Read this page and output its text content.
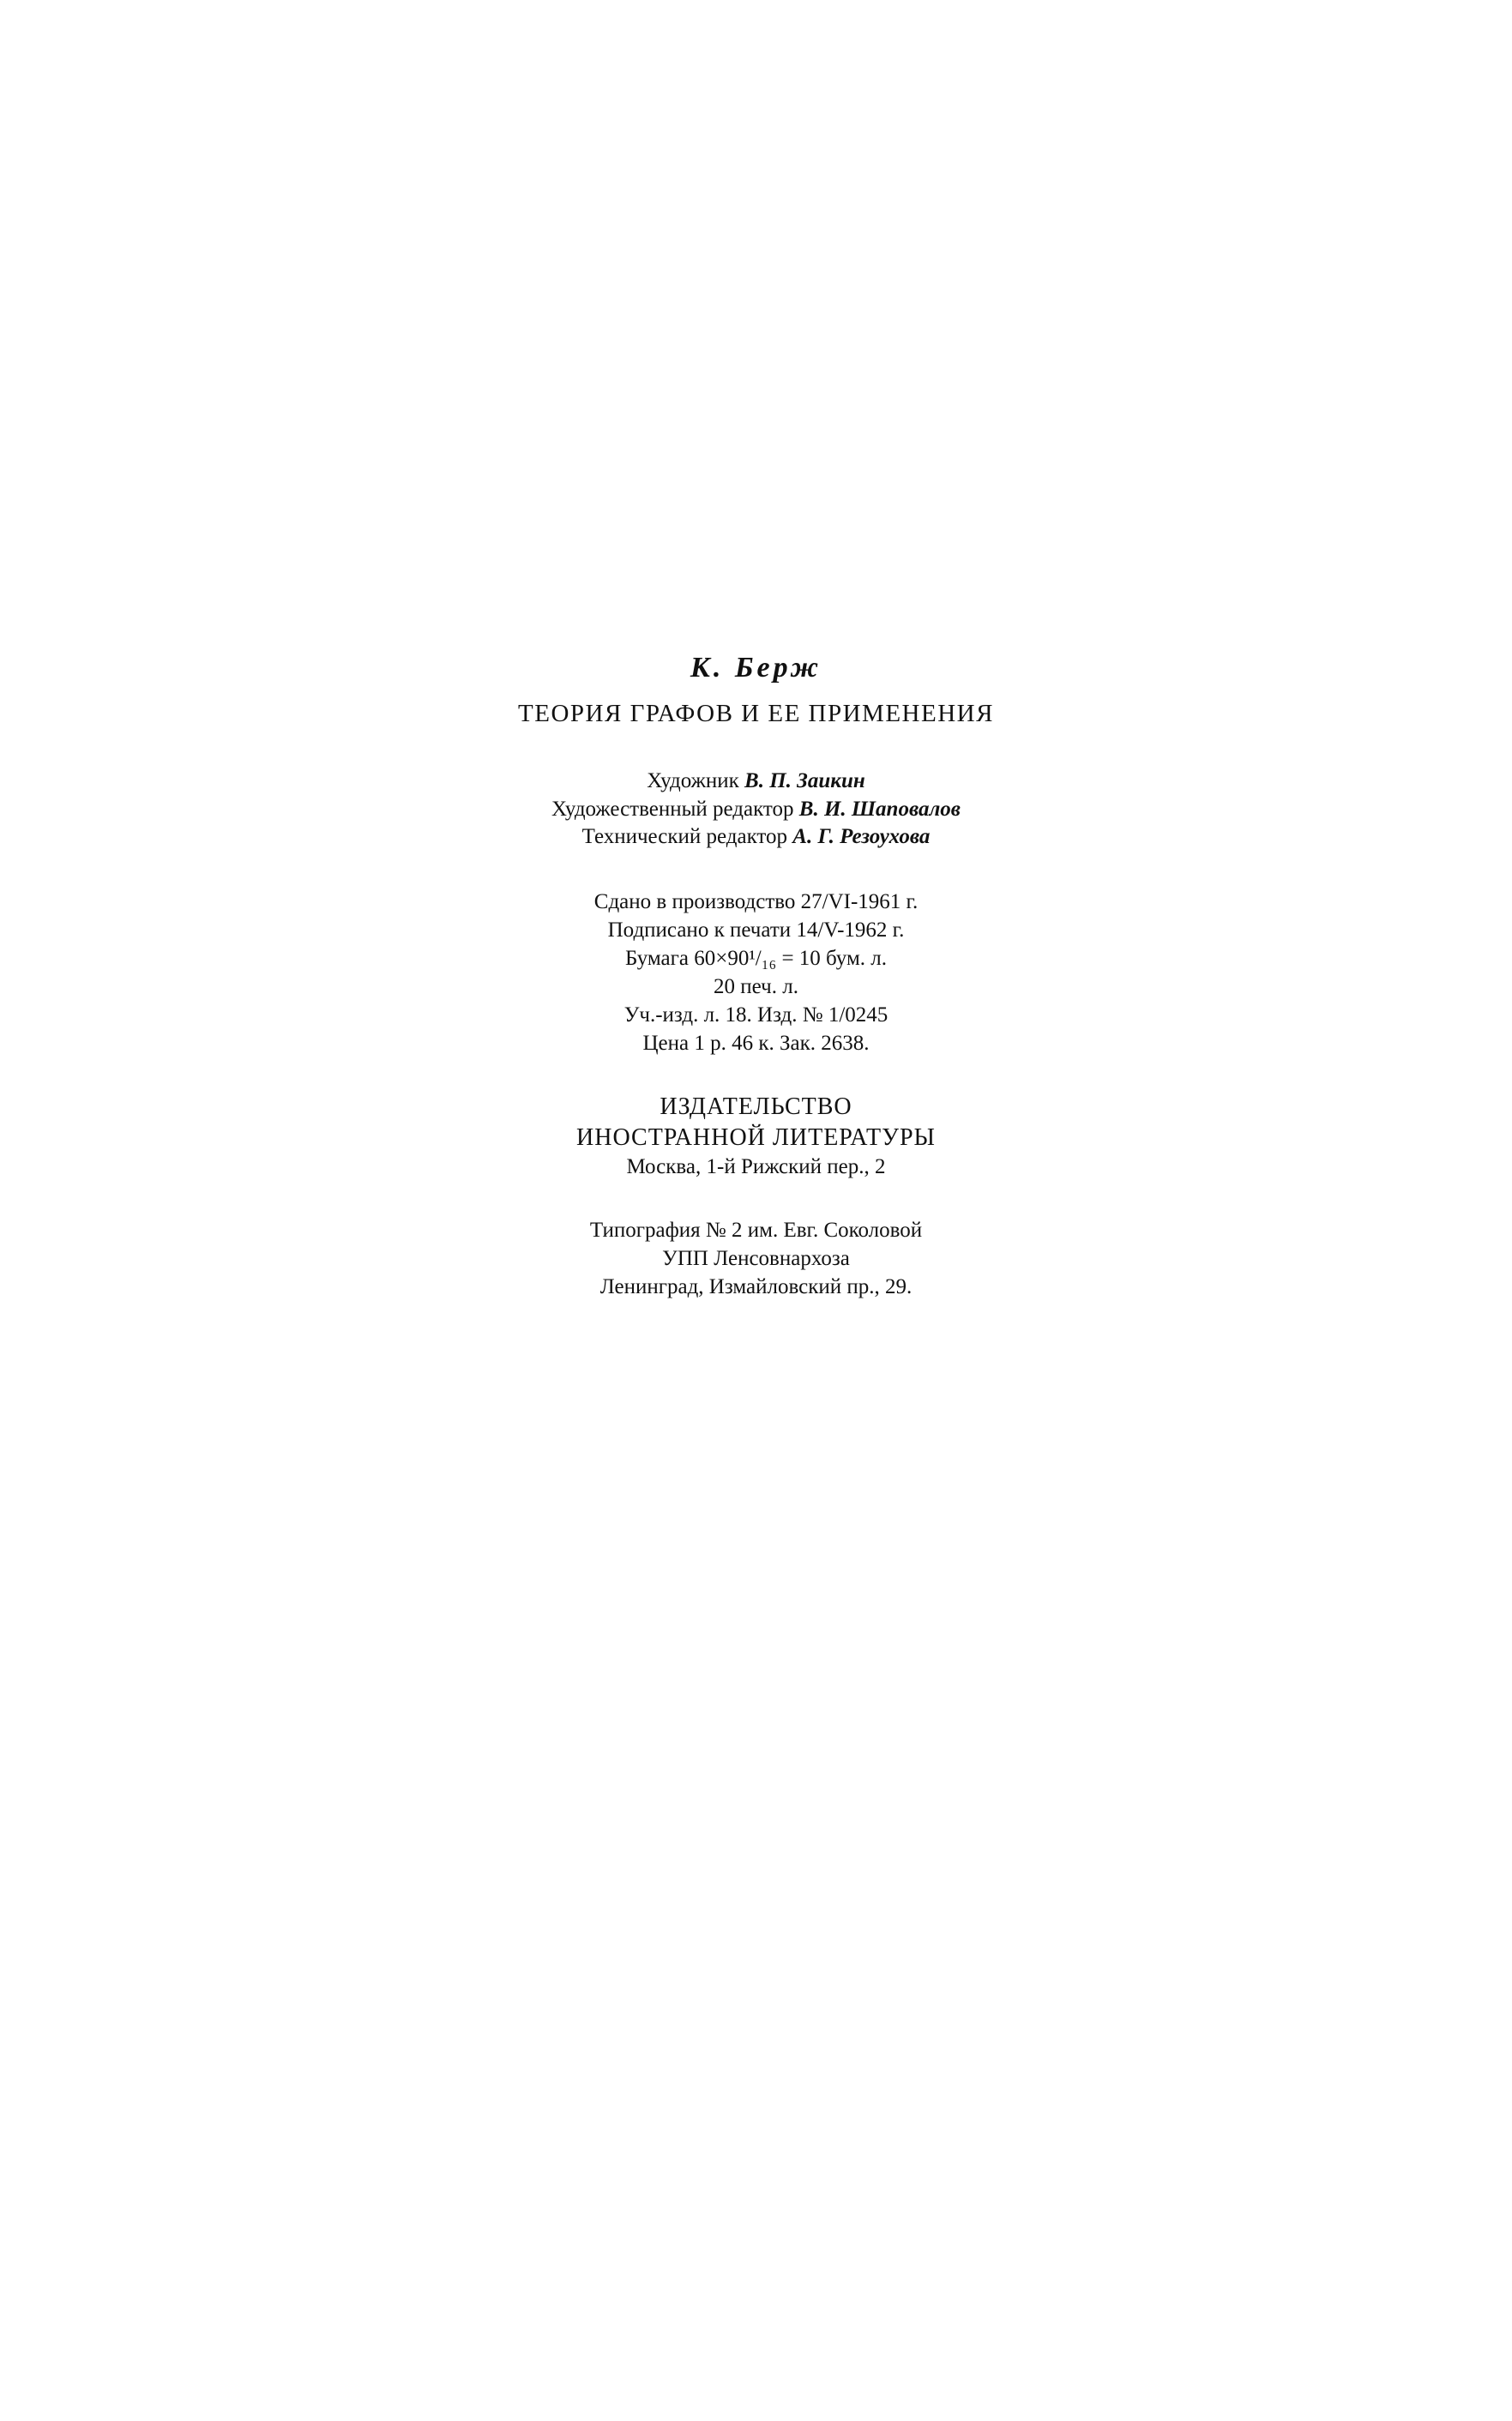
К. Берж
ТЕОРИЯ ГРАФОВ И ЕЕ ПРИМЕНЕНИЯ
Художник В. П. Заикин
Художественный редактор В. И. Шаповалов
Технический редактор А. Г. Резоухова
Сдано в производство 27/VI-1961 г.
Подписано к печати 14/V-1962 г.
Бумага 60×90¹/₁₆ = 10 бум. л.
20 печ. л.
Уч.-изд. л. 18. Изд. № 1/0245
Цена 1 р. 46 к. Зак. 2638.
ИЗДАТЕЛЬСТВО
ИНОСТРАННОЙ ЛИТЕРАТУРЫ
Москва, 1-й Рижский пер., 2
Типография № 2 им. Евг. Соколовой
УПП Ленсовнархоза
Ленинград, Измайловский пр., 29.
